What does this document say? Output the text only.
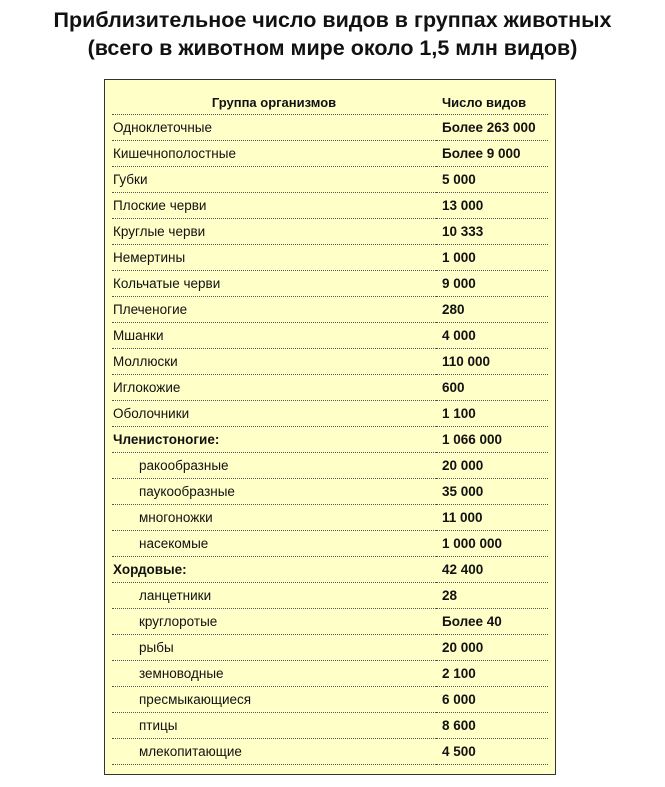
Приблизительное число видов в группах животных
(всего в животном мире около 1,5 млн видов)
Группа организмов	Число видов
Одноклеточные	Более 263 000
Кишечнополостные	Более 9 000
Губки	5 000
Плоские черви	13 000
Круглые черви	10 333
Немертины	1 000
Кольчатые черви	9 000
Плеченогие	280
Мшанки	4 000
Моллюски	110 000
Иглокожие	600
Оболочники	1 100
Членистоногие:	1 066 000
ракообразные	20 000
паукообразные	35 000
многоножки	11 000
насекомые	1 000 000
Хордовые:	42 400
ланцетники	28
круглоротые	Более 40
рыбы	20 000
земноводные	2 100
пресмыкающиеся	6 000
птицы	8 600
млекопитающие	4 500
